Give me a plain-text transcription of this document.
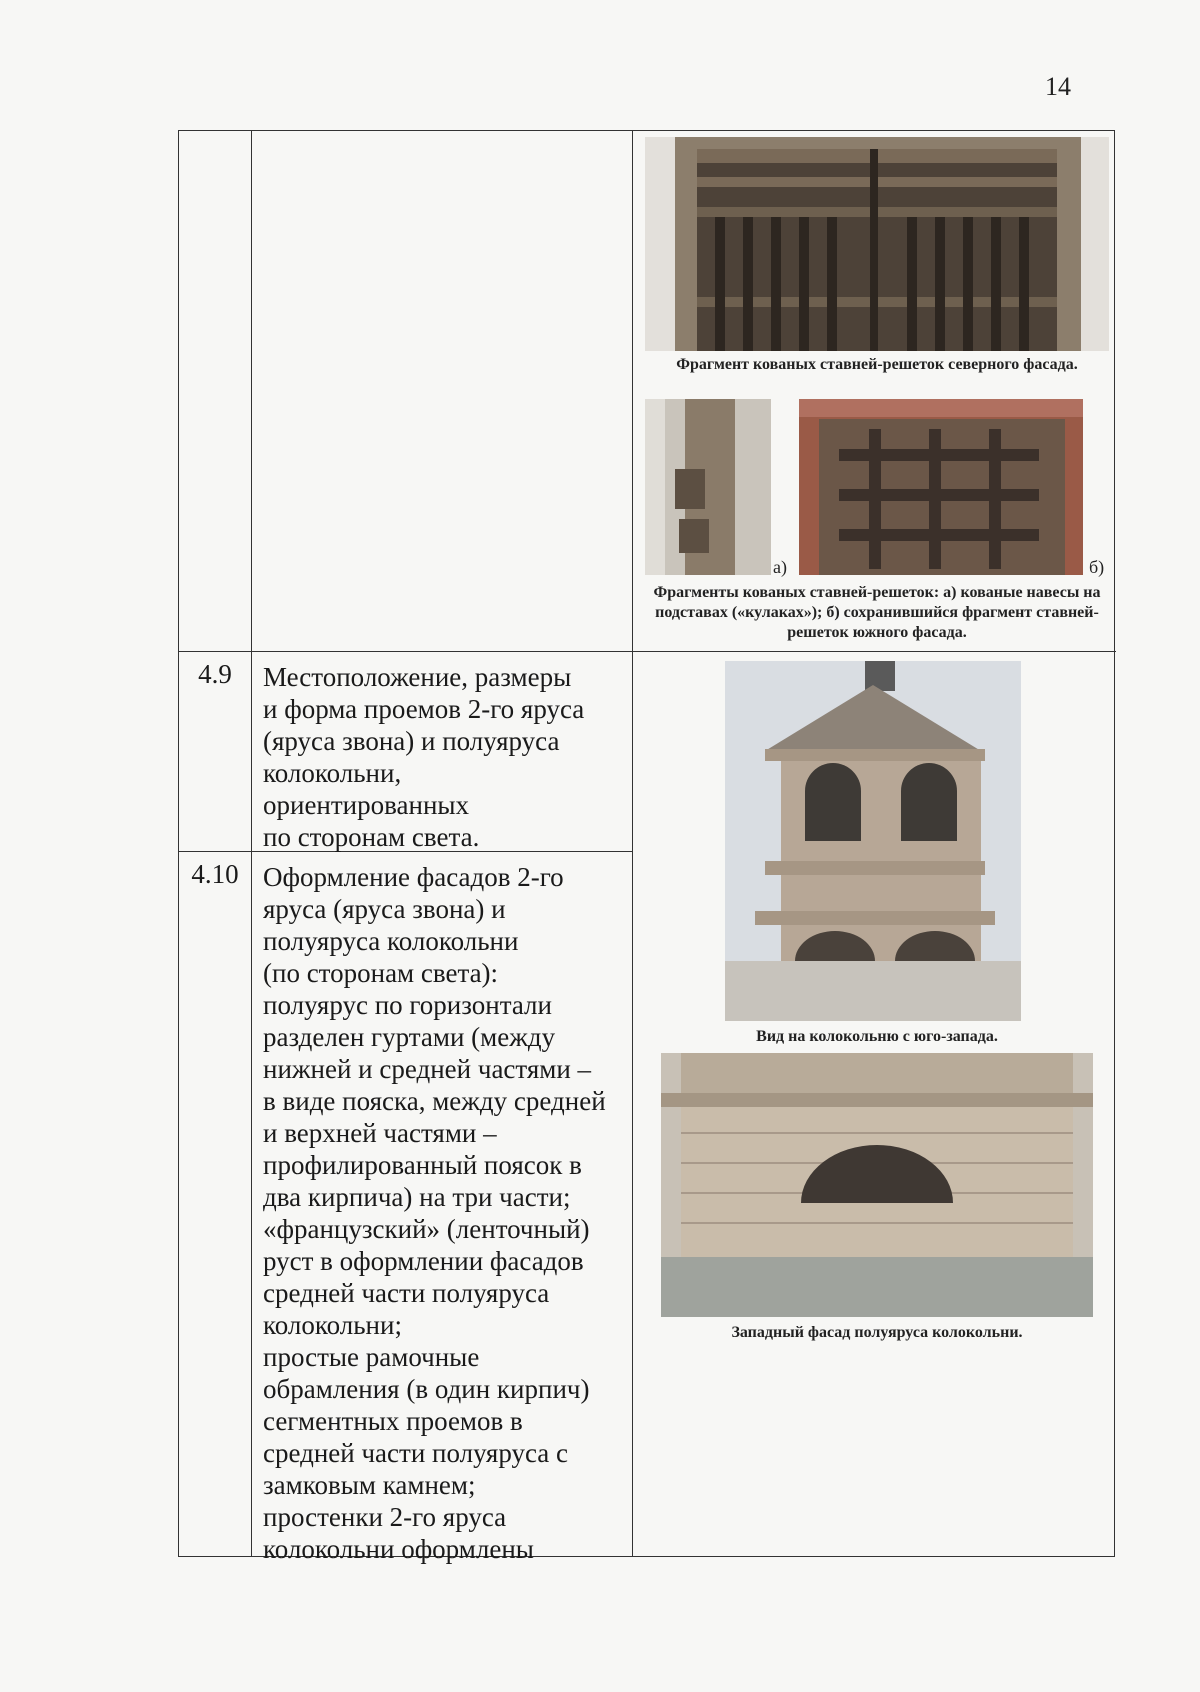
14
Фрагмент кованых ставней-решеток северного фасада.
а)	б)
Фрагменты кованых ставней-решеток: а) кованые навесы на подставах («кулаках»); б) сохранившийся фрагмент ставней-решеток южного фасада.
4.9	Местоположение, размеры
и форма проемов 2-го яруса
(яруса звона) и полуяруса
колокольни,
ориентированных
по сторонам света.
4.10 Оформление фасадов 2-го
яруса (яруса звона) и
полуяруса колокольни
(по сторонам света):
полуярус по горизонтали
разделен гуртами (между
нижней и средней частями –
в виде пояска, между средней
и верхней частями –
профилированный поясок в
два кирпича) на три части;
«французский» (ленточный)
руст в оформлении фасадов
средней части полуяруса
колокольни;
простые рамочные
обрамления (в один кирпич)
сегментных проемов в
средней части полуяруса с
замковым камнем;
простенки 2-го яруса
колокольни оформлены
Вид на колокольню с юго-запада.
Западный фасад полуяруса колокольни.
